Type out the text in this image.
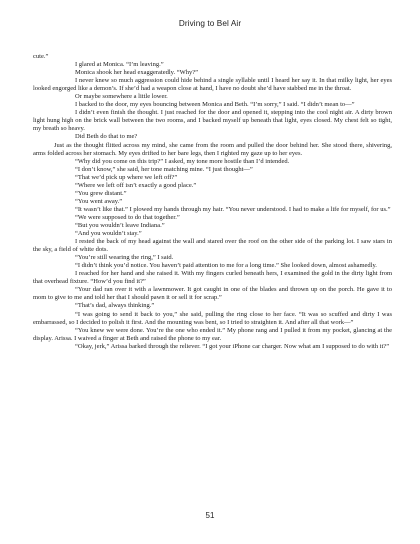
Driving to Bel Air

cute.”

I glared at Monica. “I’m leaving.”

Monica shook her head exaggeratedly. “Why?”

I never knew so much aggression could hide behind a single syllable until I heard her say it. In that milky light, her eyes looked engorged like a demon’s. If she’d had a weapon close at hand, I have no doubt she’d have stabbed me in the throat.

Or maybe somewhere a little lower.

I backed to the door, my eyes bouncing between Monica and Beth. “I’m sorry,” I said. “I didn’t mean to—”

I didn’t even finish the thought. I just reached for the door and opened it, stepping into the cool night air. A dirty brown light hung high on the brick wall between the two rooms, and I backed myself up beneath that light, eyes closed. My chest felt so tight, my breath so heavy.

Did Beth do that to me?

Just as the thought flitted across my mind, she came from the room and pulled the door behind her. She stood there, shivering, arms folded across her stomach. My eyes drifted to her bare legs, then I righted my gaze up to her eyes.

“Why did you come on this trip?” I asked, my tone more hostile than I’d intended.

“I don’t know,” she said, her tone matching mine. “I just thought—”

“That we’d pick up where we left off?”

“Where we left off isn’t exactly a good place.”

“You grew distant.”

“You went away.”

“It wasn’t like that.” I plowed my hands through my hair. “You never understood. I had to make a life for myself, for us.”

“We were supposed to do that together.”

“But you wouldn’t leave Indiana.”

“And you wouldn’t stay.”

I rested the back of my head against the wall and stared over the roof on the other side of the parking lot. I saw stars in the sky, a field of white dots.

“You’re still wearing the ring,” I said.

“I didn’t think you’d notice. You haven’t paid attention to me for a long time.” She looked down, almost ashamedly.

I reached for her hand and she raised it. With my fingers curled beneath hers, I examined the gold in the dirty light from that overhead fixture. “How’d you find it?”

“Your dad ran over it with a lawnmower. It got caught in one of the blades and thrown up on the porch. He gave it to mom to give to me and told her that I should pawn it or sell it for scrap.”

“That’s dad, always thinking.”

“I was going to send it back to you,” she said, pulling the ring close to her face. “It was so scuffed and dirty I was embarrassed, so I decided to polish it first. And the mounting was bent, so I tried to straighten it. And after all that work—”

“You knew we were done. You’re the one who ended it.” My phone rang and I pulled it from my pocket, glancing at the display. Arissa. I waived a finger at Beth and raised the phone to my ear.

“Okay, jerk,” Arissa barked through the reliever. “I got your iPhone car charger. Now what am I supposed to do with it?”

51
